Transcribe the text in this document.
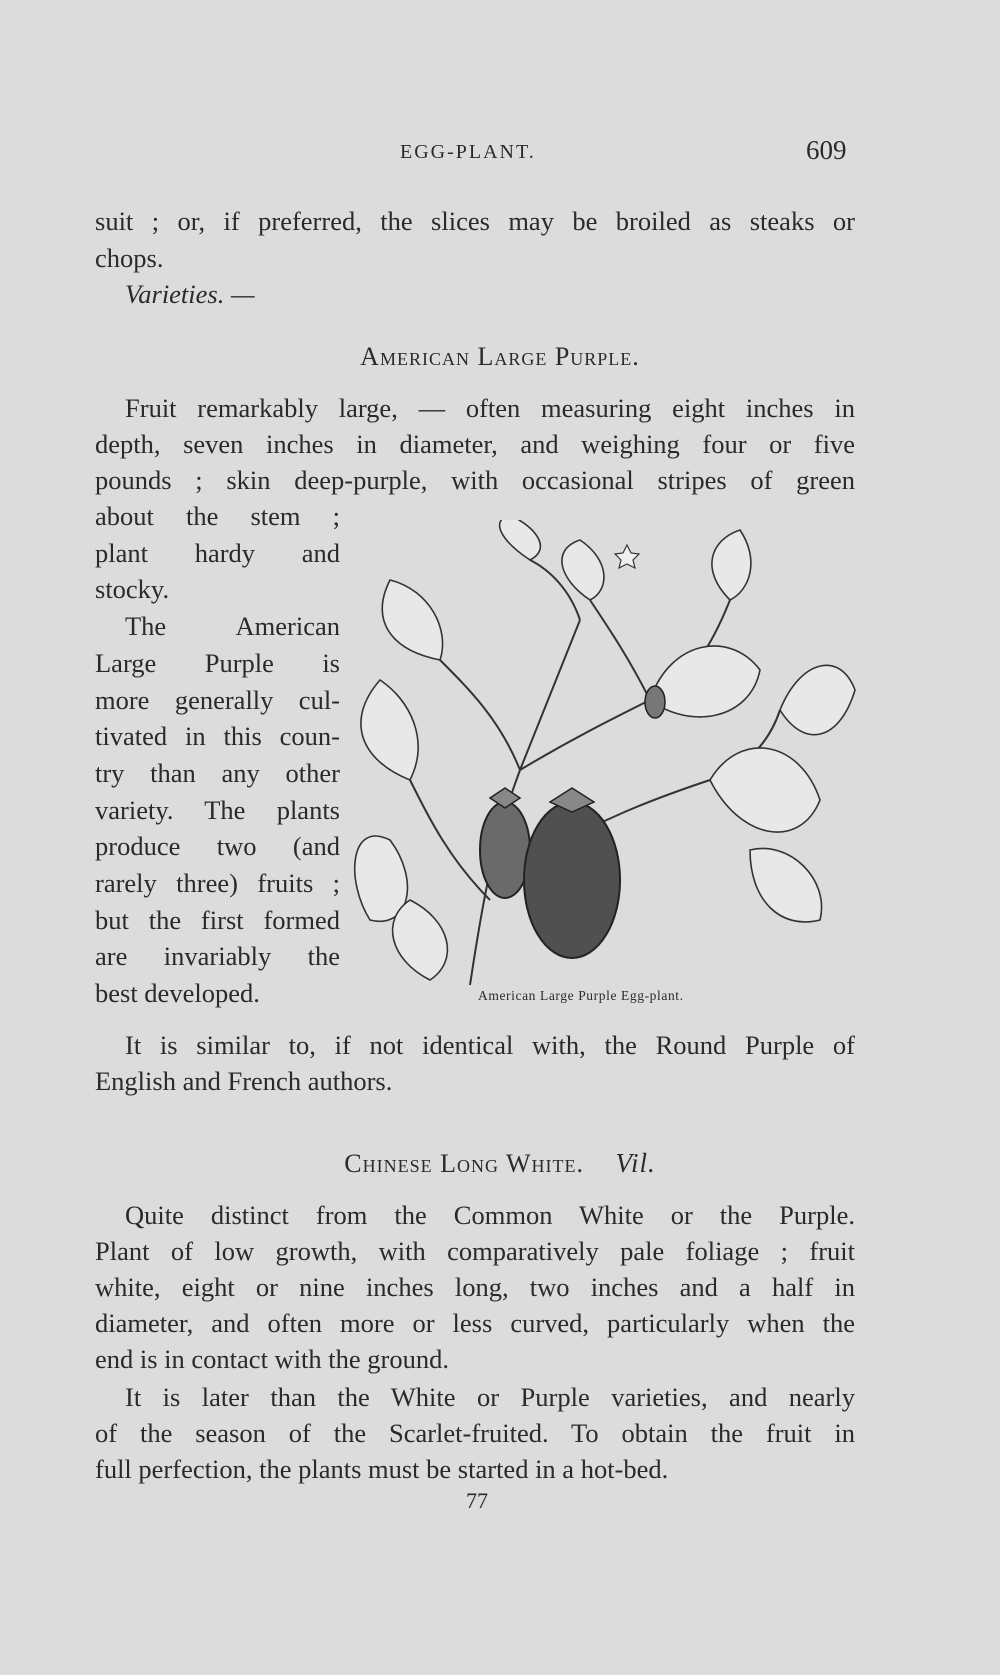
EGG-PLANT.	609
suit ; or, if preferred, the slices may be broiled as steaks or
chops.
Varieties. —
American Large Purple.
Fruit remarkably large, — often measuring eight inches in
depth, seven inches in diameter, and weighing four or five
pounds ; skin deep-purple, with occasional stripes of green
about the stem ;
plant hardy and
stocky.
The American
Large Purple is
more generally cul-
tivated in this coun-
try than any other
variety. The plants
produce two (and
rarely three) fruits ;
but the first formed
are invariably the
best developed.	American Large Purple Egg-plant.
It is similar to, if not identical with, the Round Purple of
English and French authors.
Chinese Long White. Vil.
Quite distinct from the Common White or the Purple.
Plant of low growth, with comparatively pale foliage ; fruit
white, eight or nine inches long, two inches and a half in
diameter, and often more or less curved, particularly when the
end is in contact with the ground.
It is later than the White or Purple varieties, and nearly
of the season of the Scarlet-fruited. To obtain the fruit in
full perfection, the plants must be started in a hot-bed.
77
